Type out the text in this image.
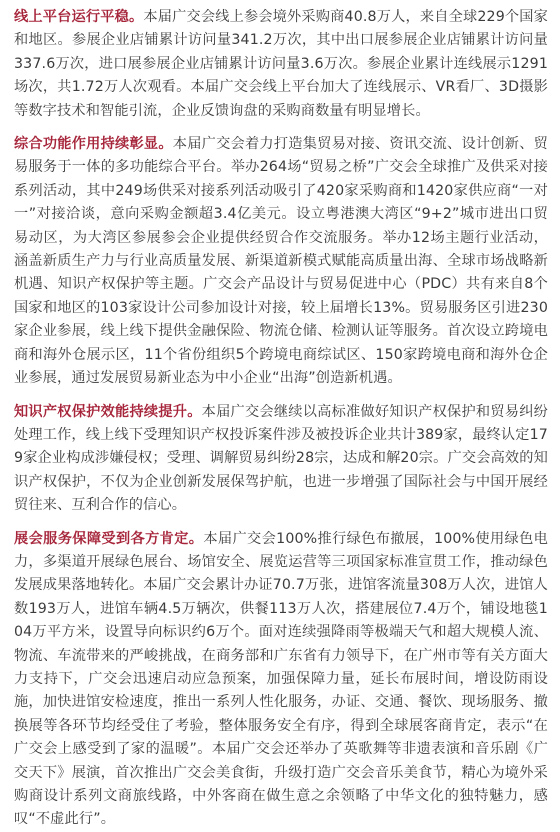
线上平台运行平稳。本届广交会线上参会境外采购商40.8万人，来自全球229个国家和地区。参展企业店铺累计访问量341.2万次，其中出口展参展企业店铺累计访问量337.6万次，进口展参展企业店铺累计访问量3.6万次。参展企业累计连线展示1291场次，共1.72万人次观看。本届广交会线上平台加大了连线展示、VR看厂、3D摄影等数字技术和智能引流，企业反馈询盘的采购商数量有明显增长。

综合功能作用持续彰显。本届广交会着力打造集贸易对接、资讯交流、设计创新、贸易服务于一体的多功能综合平台。举办264场“贸易之桥”广交会全球推广及供采对接系列活动，其中249场供采对接系列活动吸引了420家采购商和1420家供应商“一对一”对接洽谈，意向采购金额超3.4亿美元。设立粤港澳大湾区“9+2”城市进出口贸易动区，为大湾区参展参会企业提供经贸合作交流服务。举办12场主题行业活动，涵盖新质生产力与行业高质量发展、新渠道新模式赋能高质量出海、全球市场战略新机遇、知识产权保护等主题。广交会产品设计与贸易促进中心（PDC）共有来自8个国家和地区的103家设计公司参加设计对接，较上届增长13%。贸易服务区引进230家企业参展，线上线下提供金融保险、物流仓储、检测认证等服务。首次设立跨境电商和海外仓展示区，11个省份组织5个跨境电商综试区、150家跨境电商和海外仓企业参展，通过发展贸易新业态为中小企业“出海”创造新机遇。

知识产权保护效能持续提升。本届广交会继续以高标准做好知识产权保护和贸易纠纷处理工作，线上线下受理知识产权投诉案件涉及被投诉企业共计389家，最终认定179家企业构成涉嫌侵权；受理、调解贸易纠纷28宗，达成和解20宗。广交会高效的知识产权保护，不仅为企业创新发展保驾护航，也进一步增强了国际社会与中国开展经贸往来、互利合作的信心。

展会服务保障受到各方肯定。本届广交会100%推行绿色布撤展，100%使用绿色电力，多渠道开展绿色展台、场馆安全、展览运营等三项国家标准宣贯工作，推动绿色发展成果落地转化。本届广交会累计办证70.7万张，进馆客流量308万人次，进馆人数193万人，进馆车辆4.5万辆次，供餐113万人次，搭建展位7.4万个，铺设地毯104万平方米，设置导向标识约6万个。面对连续强降雨等极端天气和超大规模人流、物流、车流带来的严峻挑战，在商务部和广东省有力领导下，在广州市等有关方面大力支持下，广交会迅速启动应急预案，加强保障力量，延长布展时间，增设防雨设施，加快进馆安检速度，推出一系列人性化服务，办证、交通、餐饮、现场服务、撤换展等各环节均经受住了考验，整体服务安全有序，得到全球展客商肯定，表示“在广交会上感受到了家的温暖”。本届广交会还举办了英歌舞等非遗表演和音乐剧《广交天下》展演，首次推出广交会美食街，升级打造广交会音乐美食节，精心为境外采购商设计系列文商旅线路，中外客商在做生意之余领略了中华文化的独特魅力，感叹“不虚此行”。
